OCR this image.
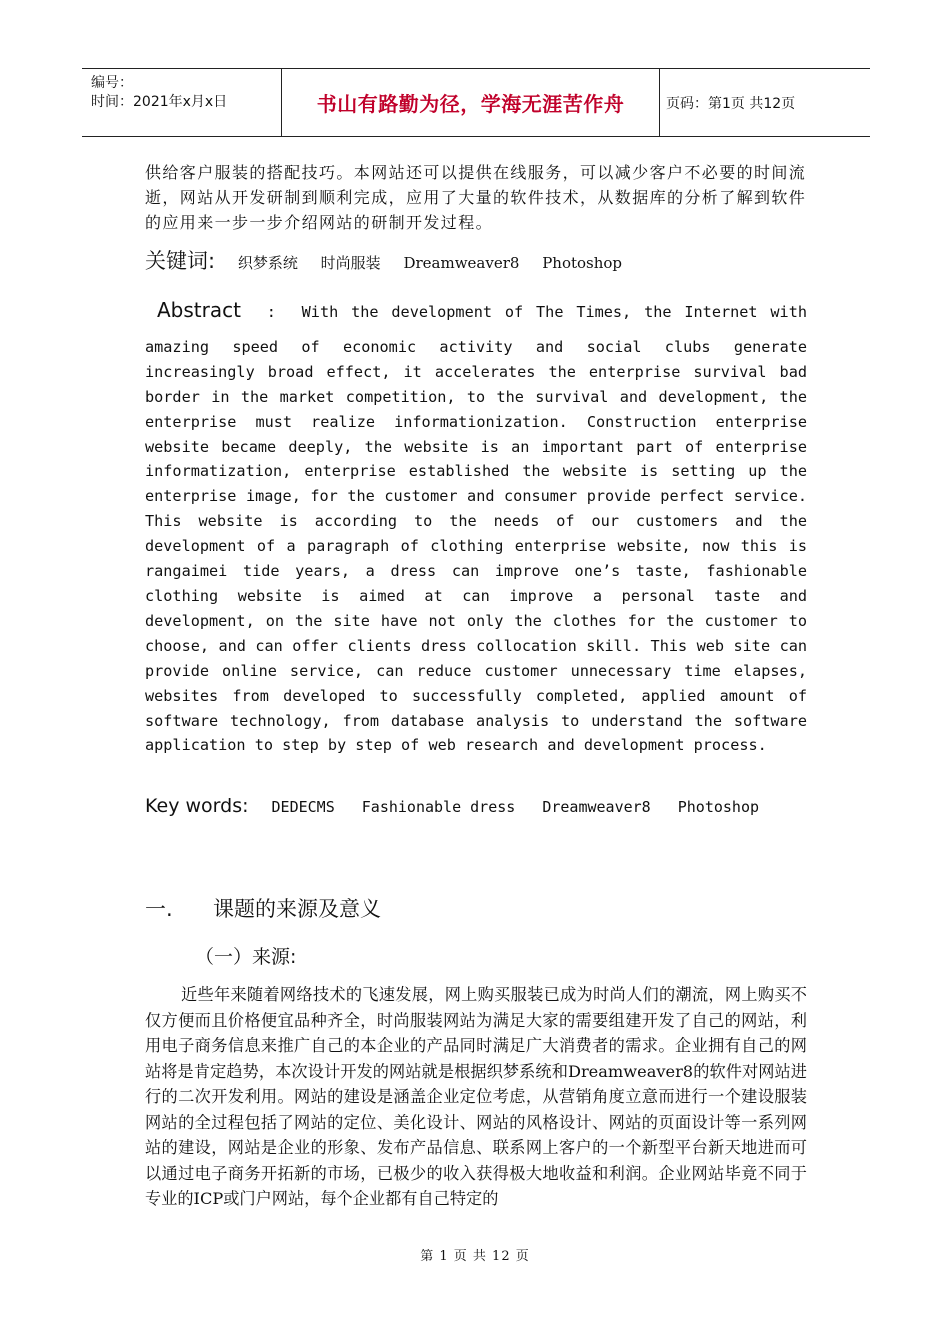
编号：
时间：2021年x月x日	书山有路勤为径，学海无涯苦作舟	页码：第1页 共12页
供给客户服装的搭配技巧。本网站还可以提供在线服务，可以减少客户不必要的时间流逝，网站从开发研制到顺利完成，应用了大量的软件技术，从数据库的分析了解到软件的应用来一步一步介绍网站的研制开发过程。
关键词: 织梦系统 时尚服装 Dreamweaver8 Photoshop
Abstract : With the development of The Times, the Internet with
amazing speed of economic activity and social clubs generate increasingly broad effect, it accelerates the enterprise survival bad border in the market competition, to the survival and development, the enterprise must realize informationization. Construction enterprise website became deeply, the website is an important part of enterprise informatization, enterprise established the website is setting up the enterprise image, for the customer and consumer provide perfect service. This website is according to the needs of our customers and the development of a paragraph of clothing enterprise website, now this is rangaimei tide years, a dress can improve one’s taste, fashionable clothing website is aimed at can improve a personal taste and development, on the site have not only the clothes for the customer to choose, and can offer clients dress collocation skill. This web site can provide online service, can reduce customer unnecessary time elapses, websites from developed to successfully completed, applied amount of software technology, from database analysis to understand the software application to step by step of web research and development process.
Key words: DEDECMS Fashionable dress Dreamweaver8 Photoshop
一. 课题的来源及意义
（一）来源:
近些年来随着网络技术的飞速发展，网上购买服装已成为时尚人们的潮流，网上购买不仅方便而且价格便宜品种齐全，时尚服装网站为满足大家的需要组建开发了自己的网站，利用电子商务信息来推广自己的本企业的产品同时满足广大消费者的需求。企业拥有自己的网站将是肯定趋势，本次设计开发的网站就是根据织梦系统和Dreamweaver8的软件对网站进行的二次开发利用。网站的建设是涵盖企业定位考虑，从营销角度立意而进行一个建设服装网站的全过程包括了网站的定位、美化设计、网站的风格设计、网站的页面设计等一系列网站的建设，网站是企业的形象、发布产品信息、联系网上客户的一个新型平台新天地进而可以通过电子商务开拓新的市场，已极少的收入获得极大地收益和利润。企业网站毕竟不同于专业的ICP或门户网站，每个企业都有自己特定的
第 1 页 共 12 页
